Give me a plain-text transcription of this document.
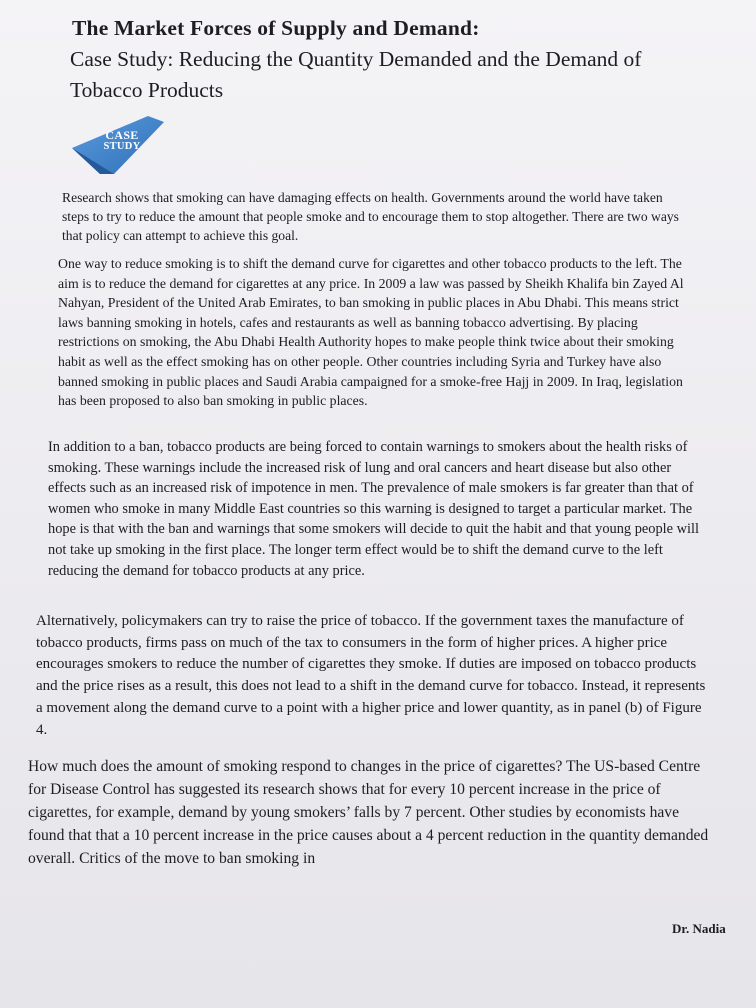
The Market Forces of Supply and Demand:
Case Study: Reducing the Quantity Demanded and the Demand of Tobacco Products
CASE
STUDY

Research shows that smoking can have damaging effects on health. Governments around the world have taken steps to try to reduce the amount that people smoke and to encourage them to stop altogether. There are two ways that policy can attempt to achieve this goal.

One way to reduce smoking is to shift the demand curve for cigarettes and other tobacco products to the left. The aim is to reduce the demand for cigarettes at any price. In 2009 a law was passed by Sheikh Khalifa bin Zayed Al Nahyan, President of the United Arab Emirates, to ban smoking in public places in Abu Dhabi. This means strict laws banning smoking in hotels, cafes and restaurants as well as banning tobacco advertising. By placing restrictions on smoking, the Abu Dhabi Health Authority hopes to make people think twice about their smoking habit as well as the effect smoking has on other people. Other countries including Syria and Turkey have also banned smoking in public places and Saudi Arabia campaigned for a smoke-free Hajj in 2009. In Iraq, legislation has been proposed to also ban smoking in public places.

In addition to a ban, tobacco products are being forced to contain warnings to smokers about the health risks of smoking. These warnings include the increased risk of lung and oral cancers and heart disease but also other effects such as an increased risk of impotence in men. The prevalence of male smokers is far greater than that of women who smoke in many Middle East countries so this warning is designed to target a particular market. The hope is that with the ban and warnings that some smokers will decide to quit the habit and that young people will not take up smoking in the first place. The longer term effect would be to shift the demand curve to the left reducing the demand for tobacco products at any price.

Alternatively, policymakers can try to raise the price of tobacco. If the government taxes the manufacture of tobacco products, firms pass on much of the tax to consumers in the form of higher prices. A higher price encourages smokers to reduce the number of cigarettes they smoke. If duties are imposed on tobacco products and the price rises as a result, this does not lead to a shift in the demand curve for tobacco. Instead, it represents a movement along the demand curve to a point with a higher price and lower quantity, as in panel (b) of Figure 4.

How much does the amount of smoking respond to changes in the price of cigarettes? The US-based Centre for Disease Control has suggested its research shows that for every 10 percent increase in the price of cigarettes, for example, demand by young smokers’ falls by 7 percent. Other studies by economists have found that that a 10 percent increase in the price causes about a 4 percent reduction in the quantity demanded overall. Critics of the move to ban smoking in

Dr. Nadia
